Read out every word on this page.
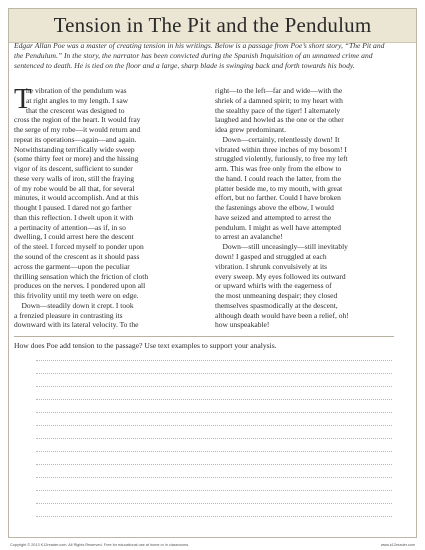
Tension in The Pit and the Pendulum
Edgar Allan Poe was a master of creating tension in his writings. Below is a passage from Poe’s short story, “The Pit and the Pendulum.” In the story, the narrator has been convicted during the Spanish Inquisition of an unnamed crime and sentenced to death. He is tied on the floor and a large, sharp blade is swinging back and forth towards his body.
T
he vibration of the pendulum was
at right angles to my length. I saw
that the crescent was designed to
cross the region of the heart. It would fray
the serge of my robe—it would return and
repeat its operations—again—and again.
Notwithstanding terrifically wide sweep
(some thirty feet or more) and the hissing
vigor of its descent, sufficient to sunder
these very walls of iron, still the fraying
of my robe would be all that, for several
minutes, it would accomplish. And at this
thought I paused. I dared not go farther
than this reflection. I dwelt upon it with
a pertinacity of attention—as if, in so
dwelling, I could arrest here the descent
of the steel. I forced myself to ponder upon
the sound of the crescent as it should pass
across the garment—upon the peculiar
thrilling sensation which the friction of cloth
produces on the nerves. I pondered upon all
this frivolity until my teeth were on edge.
Down—steadily down it crept. I took
a frenzied pleasure in contrasting its
downward with its lateral velocity. To the
right—to the left—far and wide—with the
shriek of a damned spirit; to my heart with
the stealthy pace of the tiger! I alternately
laughed and howled as the one or the other
idea grew predominant.
Down—certainly, relentlessly down! It
vibrated within three inches of my bosom! I
struggled violently, furiously, to free my left
arm. This was free only from the elbow to
the hand. I could reach the latter, from the
platter beside me, to my mouth, with great
effort, but no farther. Could I have broken
the fastenings above the elbow, I would
have seized and attempted to arrest the
pendulum. I might as well have attempted
to arrest an avalanche!
Down—still unceasingly—still inevitably
down! I gasped and struggled at each
vibration. I shrunk convulsively at its
every sweep. My eyes followed its outward
or upward whirls with the eagerness of
the most unmeaning despair; they closed
themselves spasmodically at the descent,
although death would have been a relief, oh!
how unspeakable!
How does Poe add tension to the passage? Use text examples to support your analysis.
Copyright © 2013 K12reader.com. All Rights Reserved. Free for educational use at home or in classrooms.	www.k12reader.com
